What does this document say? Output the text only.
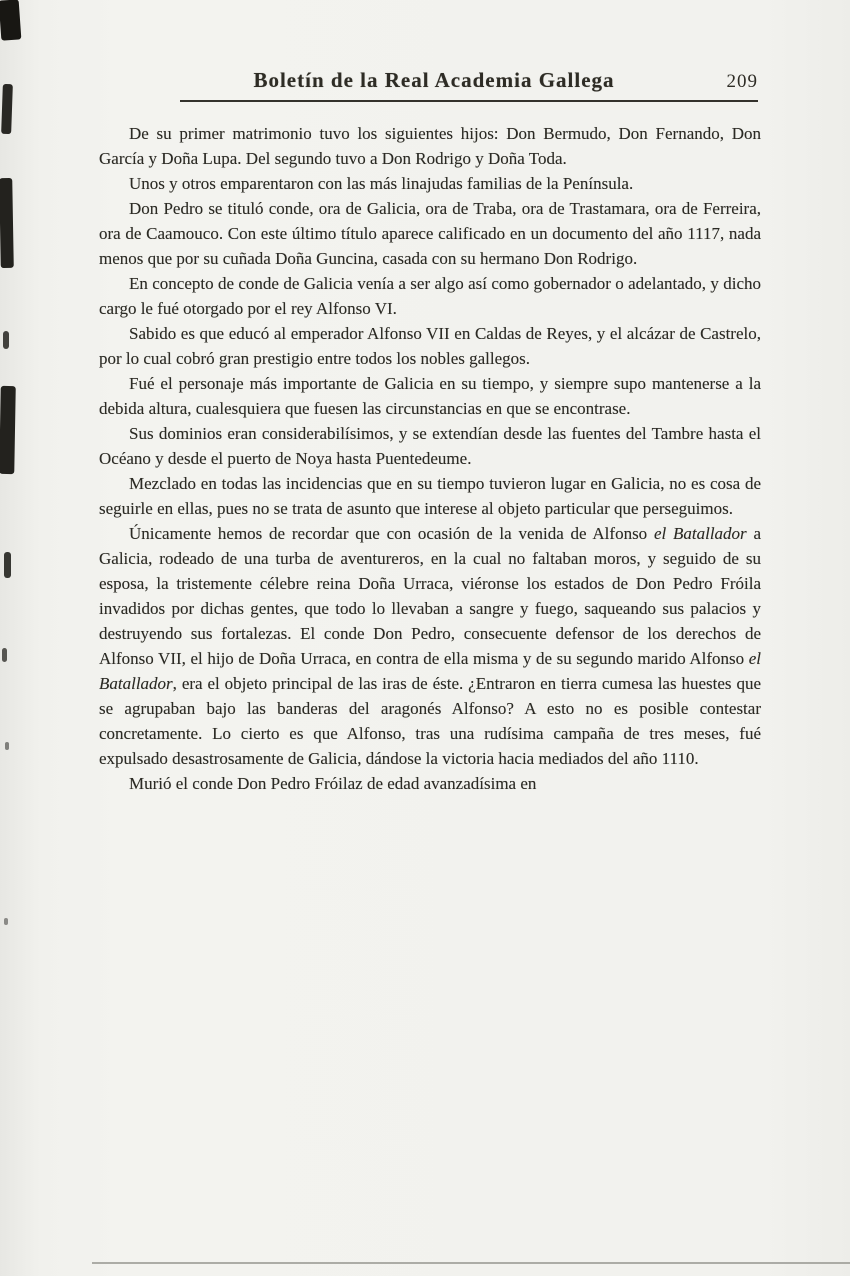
Boletín de la Real Academia Gallega	209

De su primer matrimonio tuvo los siguientes hijos: Don Bermudo, Don Fernando, Don García y Doña Lupa. Del segundo tuvo a Don Rodrigo y Doña Toda.

Unos y otros emparentaron con las más linajudas familias de la Península.

Don Pedro se tituló conde, ora de Galicia, ora de Traba, ora de Trastamara, ora de Ferreira, ora de Caamouco. Con este último título aparece calificado en un documento del año 1117, nada menos que por su cuñada Doña Guncina, casada con su hermano Don Rodrigo.

En concepto de conde de Galicia venía a ser algo así como gobernador o adelantado, y dicho cargo le fué otorgado por el rey Alfonso VI.

Sabido es que educó al emperador Alfonso VII en Caldas de Reyes, y el alcázar de Castrelo, por lo cual cobró gran prestigio entre todos los nobles gallegos.

Fué el personaje más importante de Galicia en su tiempo, y siempre supo mantenerse a la debida altura, cualesquiera que fuesen las circunstancias en que se encontrase.

Sus dominios eran considerabilísimos, y se extendían desde las fuentes del Tambre hasta el Océano y desde el puerto de Noya hasta Puentedeume.

Mezclado en todas las incidencias que en su tiempo tuvieron lugar en Galicia, no es cosa de seguirle en ellas, pues no se trata de asunto que interese al objeto particular que perseguimos.

Únicamente hemos de recordar que con ocasión de la venida de Alfonso el Batallador a Galicia, rodeado de una turba de aventureros, en la cual no faltaban moros, y seguido de su esposa, la tristemente célebre reina Doña Urraca, viéronse los estados de Don Pedro Fróila invadidos por dichas gentes, que todo lo llevaban a sangre y fuego, saqueando sus palacios y destruyendo sus fortalezas. El conde Don Pedro, consecuente defensor de los derechos de Alfonso VII, el hijo de Doña Urraca, en contra de ella misma y de su segundo marido Alfonso el Batallador, era el objeto principal de las iras de éste. ¿Entraron en tierra cumesa las huestes que se agrupaban bajo las banderas del aragonés Alfonso? A esto no es posible contestar concretamente. Lo cierto es que Alfonso, tras una rudísima campaña de tres meses, fué expulsado desastrosamente de Galicia, dándose la victoria hacia mediados del año 1110.

Murió el conde Don Pedro Fróilaz de edad avanzadísima en
